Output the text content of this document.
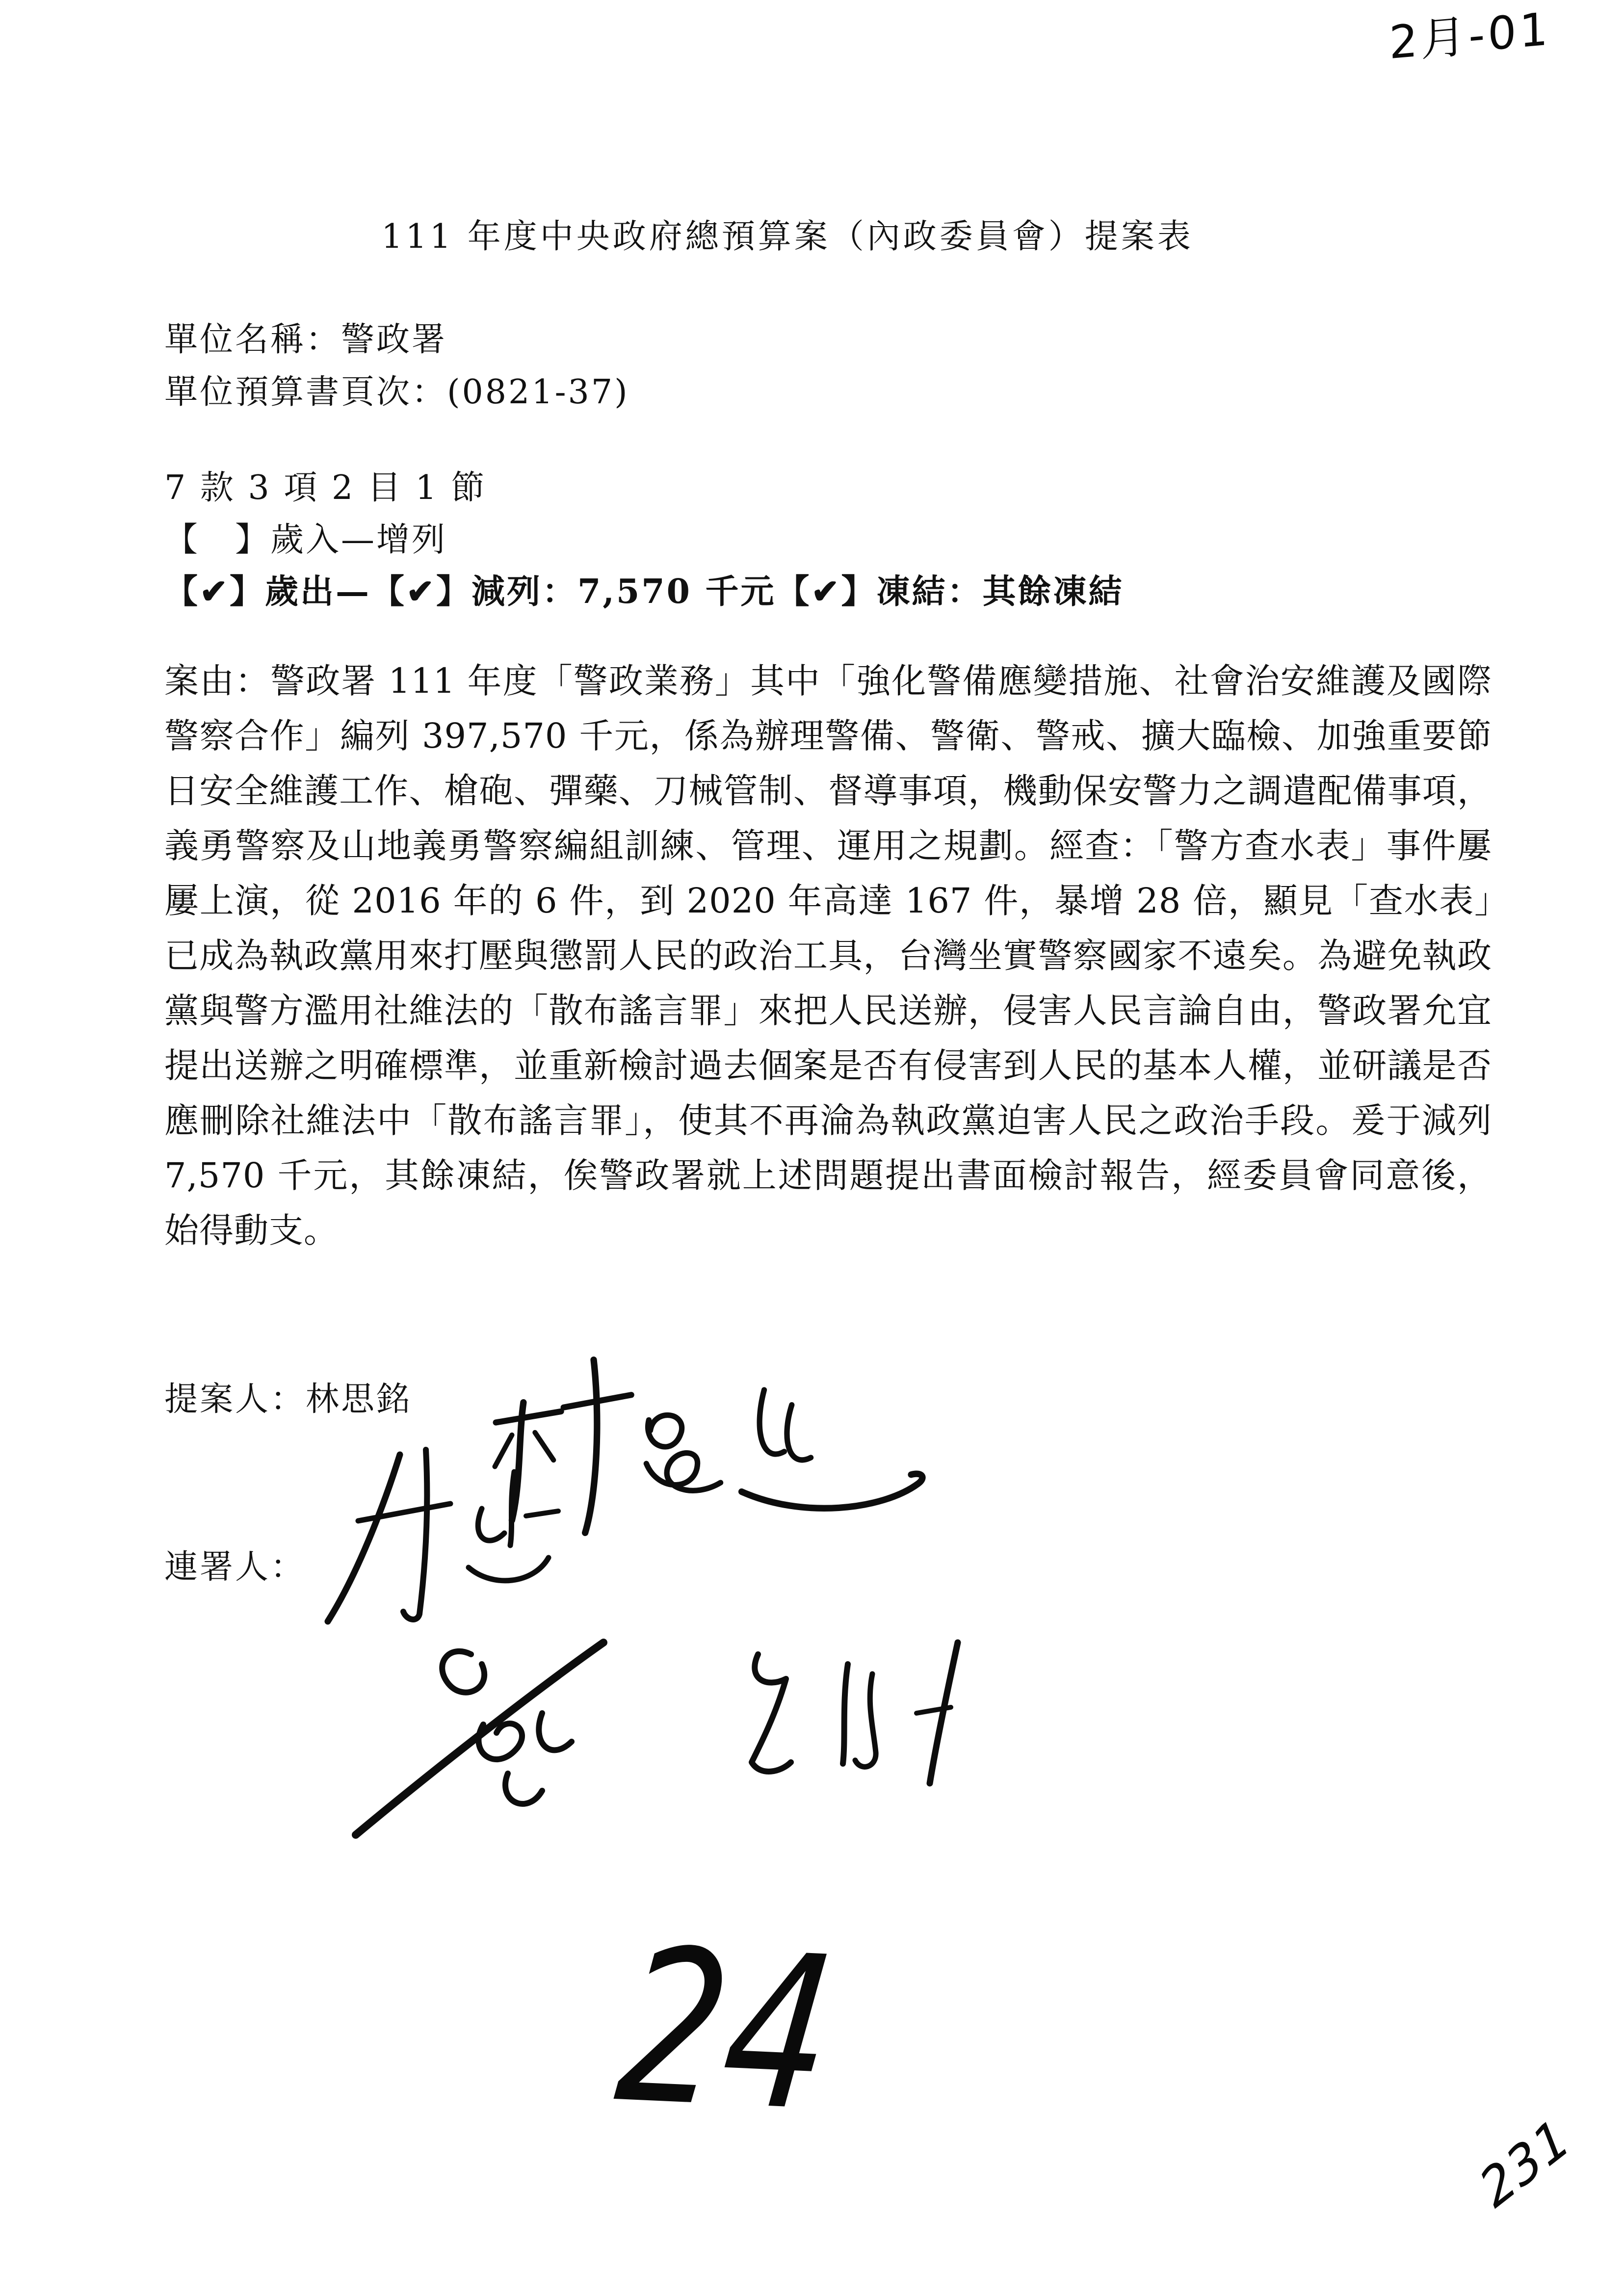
2月-01
111 年度中央政府總預算案（內政委員會）提案表
單位名稱：警政署
單位預算書頁次：(0821-37)
7 款 3 項 2 目 1 節
【　】歲入—增列
【✔】歲出—【✔】減列：7,570 千元【✔】凍結：其餘凍結

案由：警政署 111 年度「警政業務」其中「強化警備應變措施、社會治安維護及國際警察合作」編列 397,570 千元，係為辦理警備、警衛、警戒、擴大臨檢、加強重要節日安全維護工作、槍砲、彈藥、刀械管制、督導事項，機動保安警力之調遣配備事項，義勇警察及山地義勇警察編組訓練、管理、運用之規劃。經查：「警方查水表」事件屢屢上演，從 2016 年的 6 件，到 2020 年高達 167 件，暴增 28 倍，顯見「查水表」已成為執政黨用來打壓與懲罰人民的政治工具，台灣坐實警察國家不遠矣。為避免執政黨與警方濫用社維法的「散布謠言罪」來把人民送辦，侵害人民言論自由，警政署允宜提出送辦之明確標準，並重新檢討過去個案是否有侵害到人民的基本人權，並研議是否應刪除社維法中「散布謠言罪」，使其不再淪為執政黨迫害人民之政治手段。爰于減列 7,570 千元，其餘凍結，俟警政署就上述問題提出書面檢討報告，經委員會同意後，始得動支。

提案人：林思銘
連署人：
24
231
